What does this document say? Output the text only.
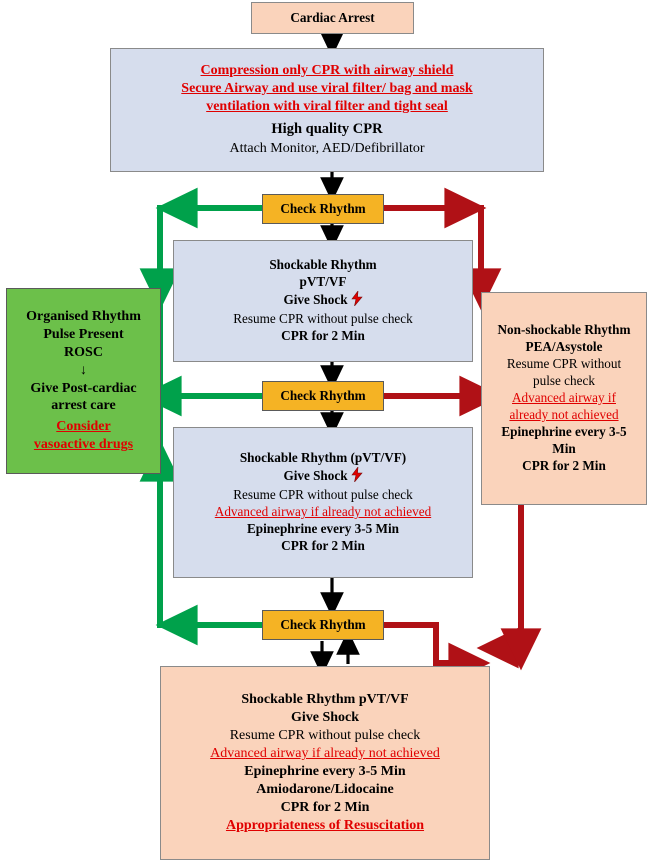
Cardiac Arrest
Compression only CPR with airway shield
Secure Airway and use viral filter/ bag and mask
ventilation with viral filter and tight seal
High quality CPR
Attach Monitor, AED/Defibrillator
Check Rhythm
Shockable Rhythm
pVT/VF
Give Shock
Resume CPR without pulse check
CPR for 2 Min	Non-shockable Rhythm
PEA/Asystole
Resume CPR without
pulse check
Advanced airway if
already not achieved
Epinephrine every 3-5
Min
CPR for 2 Min
Organised Rhythm
Pulse Present
ROSC
↓
Give Post-cardiac
arrest care
Consider
vasoactive drugs
Check Rhythm
Shockable Rhythm (pVT/VF)
Give Shock
Resume CPR without pulse check
Advanced airway if already not achieved
Epinephrine every 3-5 Min
CPR for 2 Min
Check Rhythm
Shockable Rhythm pVT/VF
Give Shock
Resume CPR without pulse check
Advanced airway if already not achieved
Epinephrine every 3-5 Min
Amiodarone/Lidocaine
CPR for 2 Min
Appropriateness of Resuscitation
